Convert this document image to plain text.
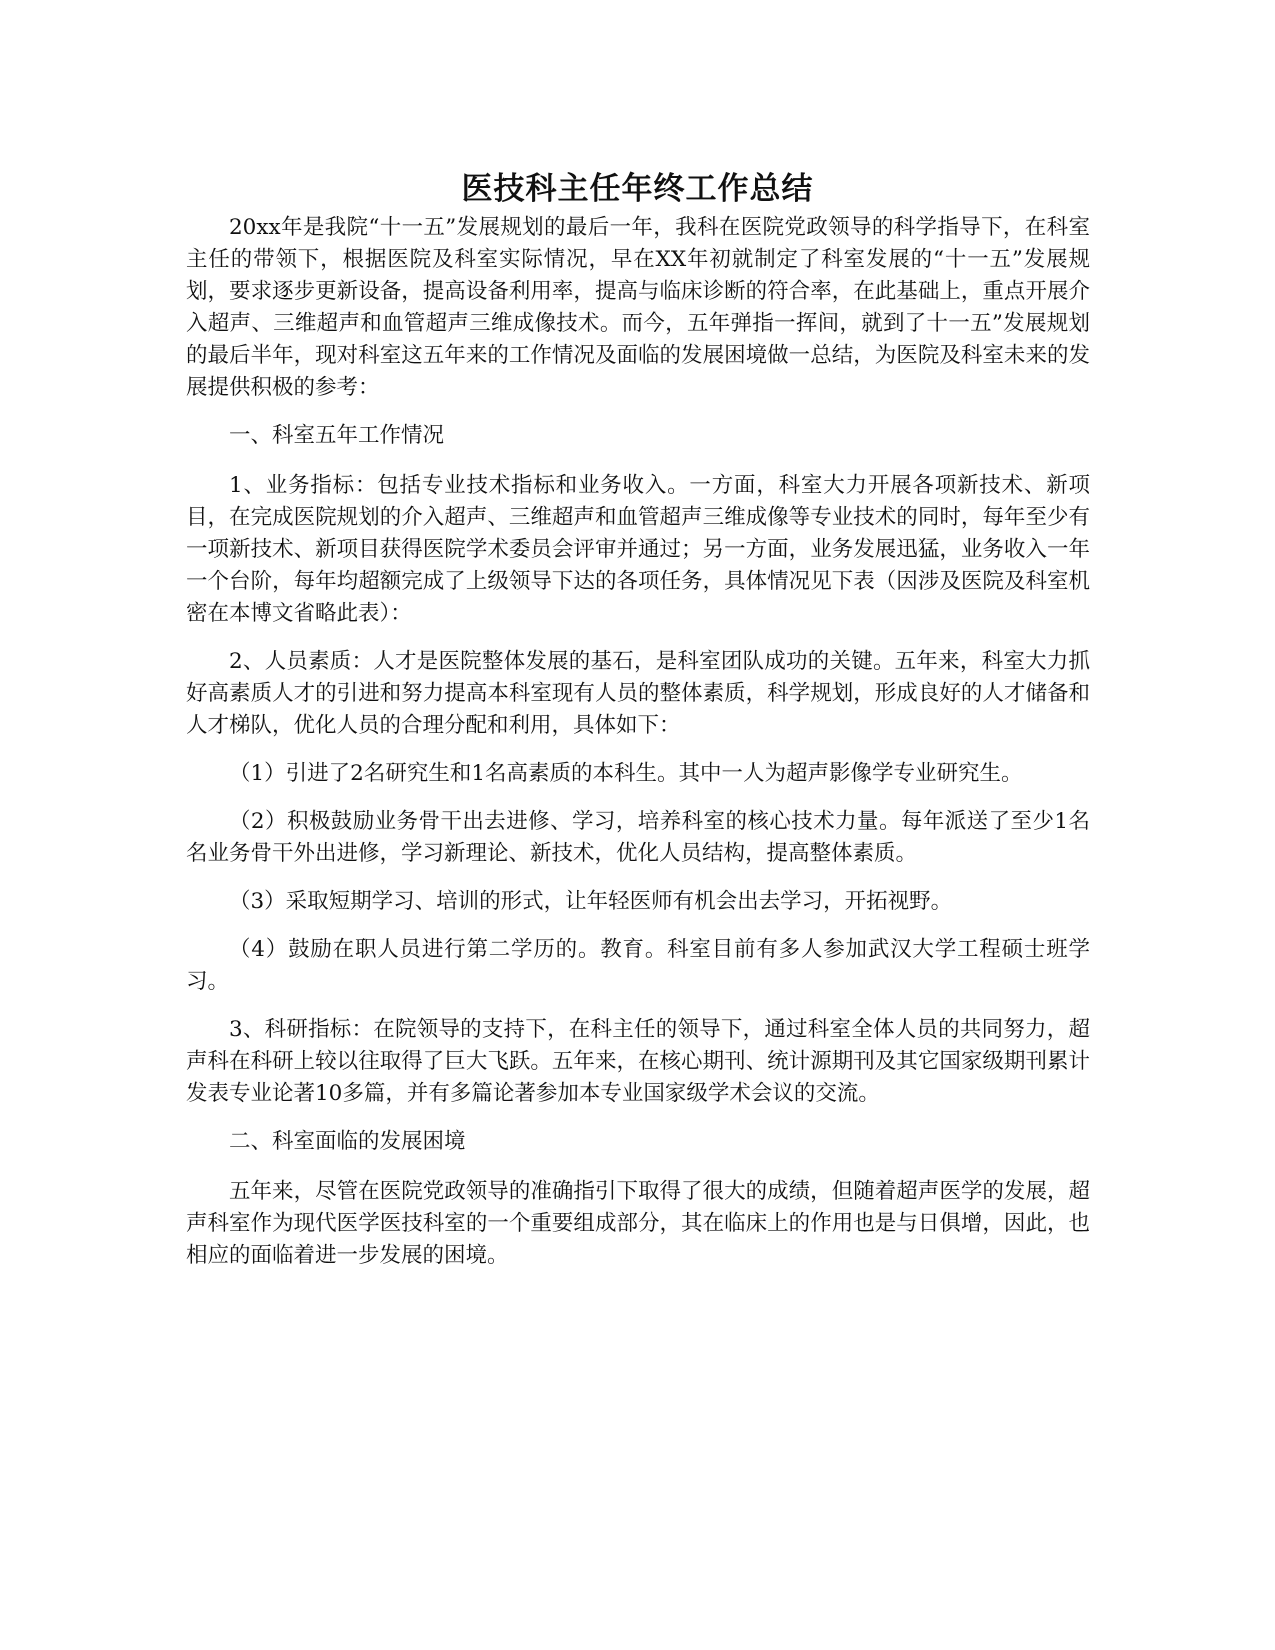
医技科主任年终工作总结

20xx年是我院“十一五”发展规划的最后一年，我科在医院党政领导的科学指导下，在科室主任的带领下，根据医院及科室实际情况，早在XX年初就制定了科室发展的“十一五”发展规划，要求逐步更新设备，提高设备利用率，提高与临床诊断的符合率，在此基础上，重点开展介入超声、三维超声和血管超声三维成像技术。而今，五年弹指一挥间，就到了十一五”发展规划的最后半年，现对科室这五年来的工作情况及面临的发展困境做一总结，为医院及科室未来的发展提供积极的参考：

一、科室五年工作情况

1、业务指标：包括专业技术指标和业务收入。一方面，科室大力开展各项新技术、新项目，在完成医院规划的介入超声、三维超声和血管超声三维成像等专业技术的同时，每年至少有一项新技术、新项目获得医院学术委员会评审并通过；另一方面，业务发展迅猛，业务收入一年一个台阶，每年均超额完成了上级领导下达的各项任务，具体情况见下表（因涉及医院及科室机密在本博文省略此表）：

2、人员素质：人才是医院整体发展的基石，是科室团队成功的关键。五年来，科室大力抓好高素质人才的引进和努力提高本科室现有人员的整体素质，科学规划，形成良好的人才储备和人才梯队，优化人员的合理分配和利用，具体如下：

（1）引进了2名研究生和1名高素质的本科生。其中一人为超声影像学专业研究生。

（2）积极鼓励业务骨干出去进修、学习，培养科室的核心技术力量。每年派送了至少1名名业务骨干外出进修，学习新理论、新技术，优化人员结构，提高整体素质。

（3）采取短期学习、培训的形式，让年轻医师有机会出去学习，开拓视野。

（4）鼓励在职人员进行第二学历的。教育。科室目前有多人参加武汉大学工程硕士班学习。

3、科研指标：在院领导的支持下，在科主任的领导下，通过科室全体人员的共同努力，超声科在科研上较以往取得了巨大飞跃。五年来，在核心期刊、统计源期刊及其它国家级期刊累计发表专业论著10多篇，并有多篇论著参加本专业国家级学术会议的交流。

二、科室面临的发展困境

五年来，尽管在医院党政领导的准确指引下取得了很大的成绩，但随着超声医学的发展，超声科室作为现代医学医技科室的一个重要组成部分，其在临床上的作用也是与日俱增，因此，也相应的面临着进一步发展的困境。
